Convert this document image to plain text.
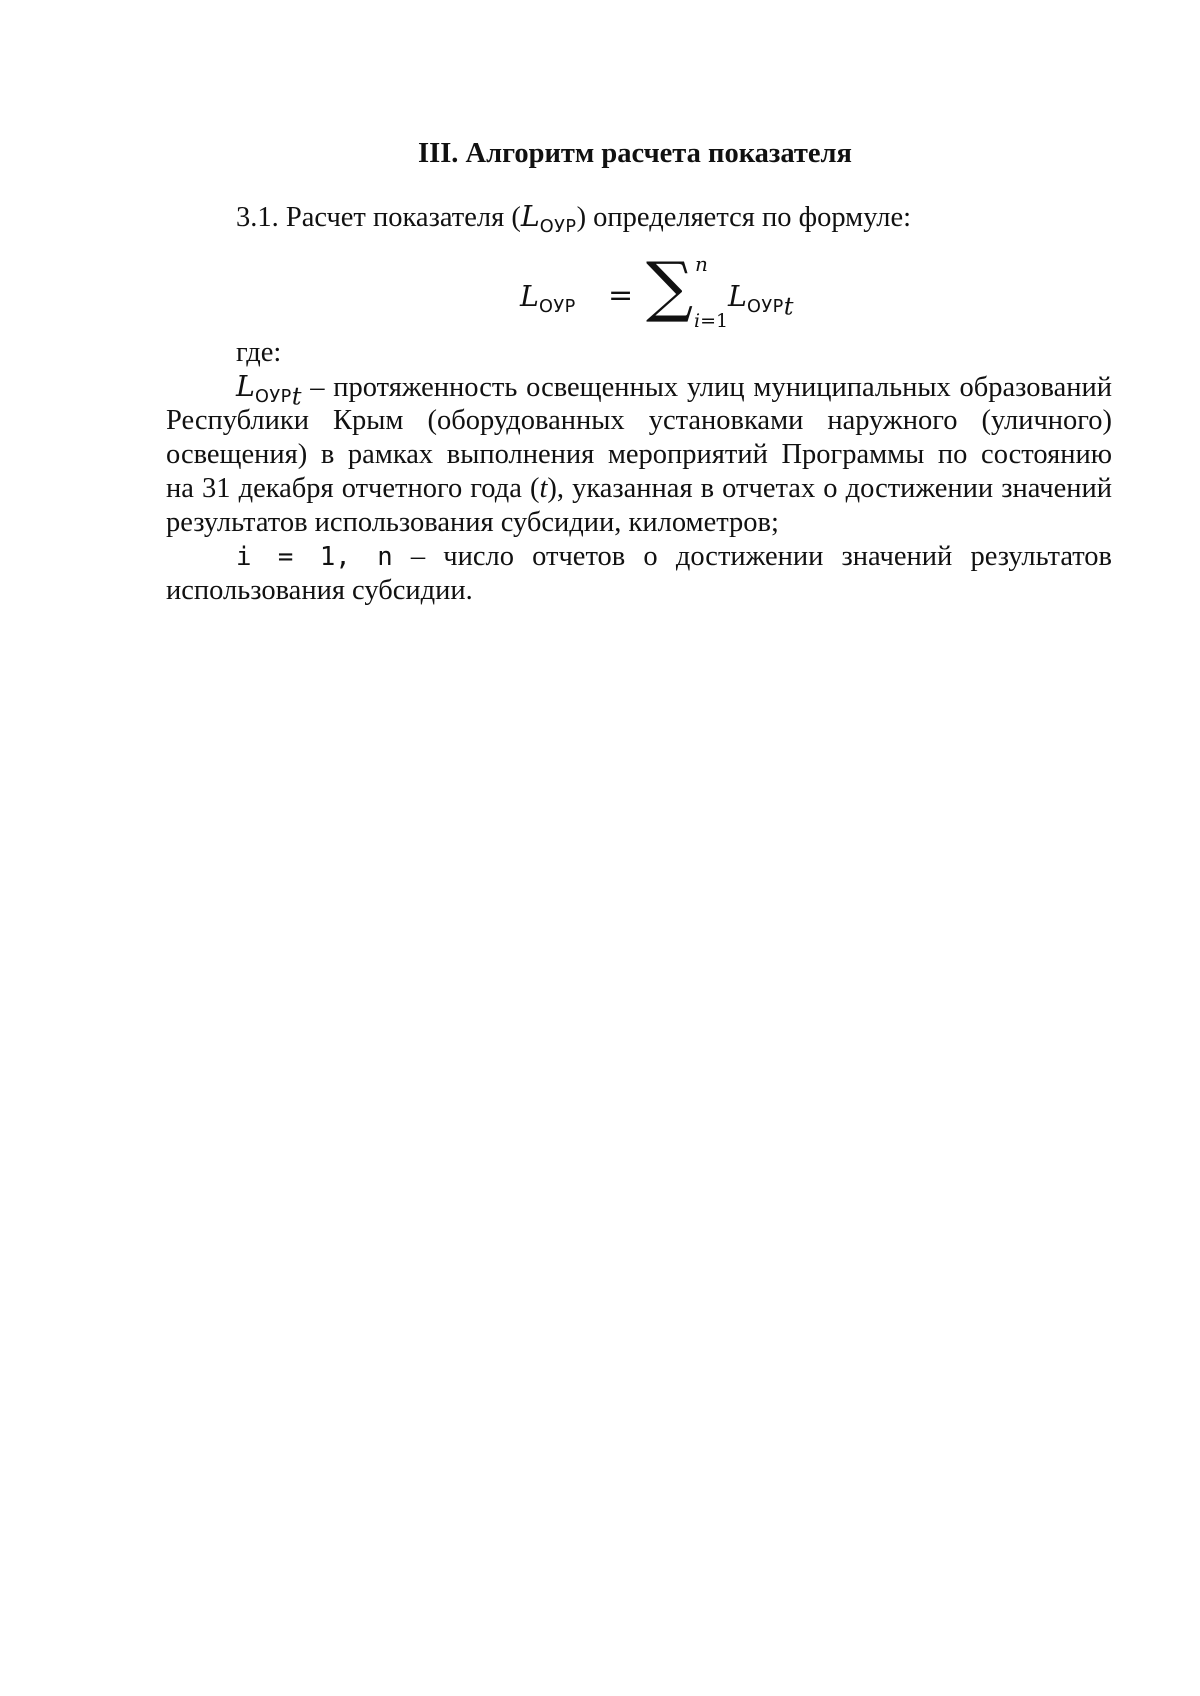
III. Алгоритм расчета показателя
3.1. Расчет показателя $(L_{ОУР})$ определяется по формуле:
$L_{ОУР}$ = ∑ n
i=1
$L_{ОУР}t$
где:
$L_{ОУР}t$ – протяженность освещенных улиц муниципальных образований
Республики Крым (оборудованных установками наружного (уличного)
освещения) в рамках выполнения мероприятий Программы по состоянию
на 31 декабря отчетного года (t), указанная в отчетах о достижении значений
результатов использования субсидии, километров;
i = 1, n – число отчетов о достижении значений результатов
использования субсидии.
